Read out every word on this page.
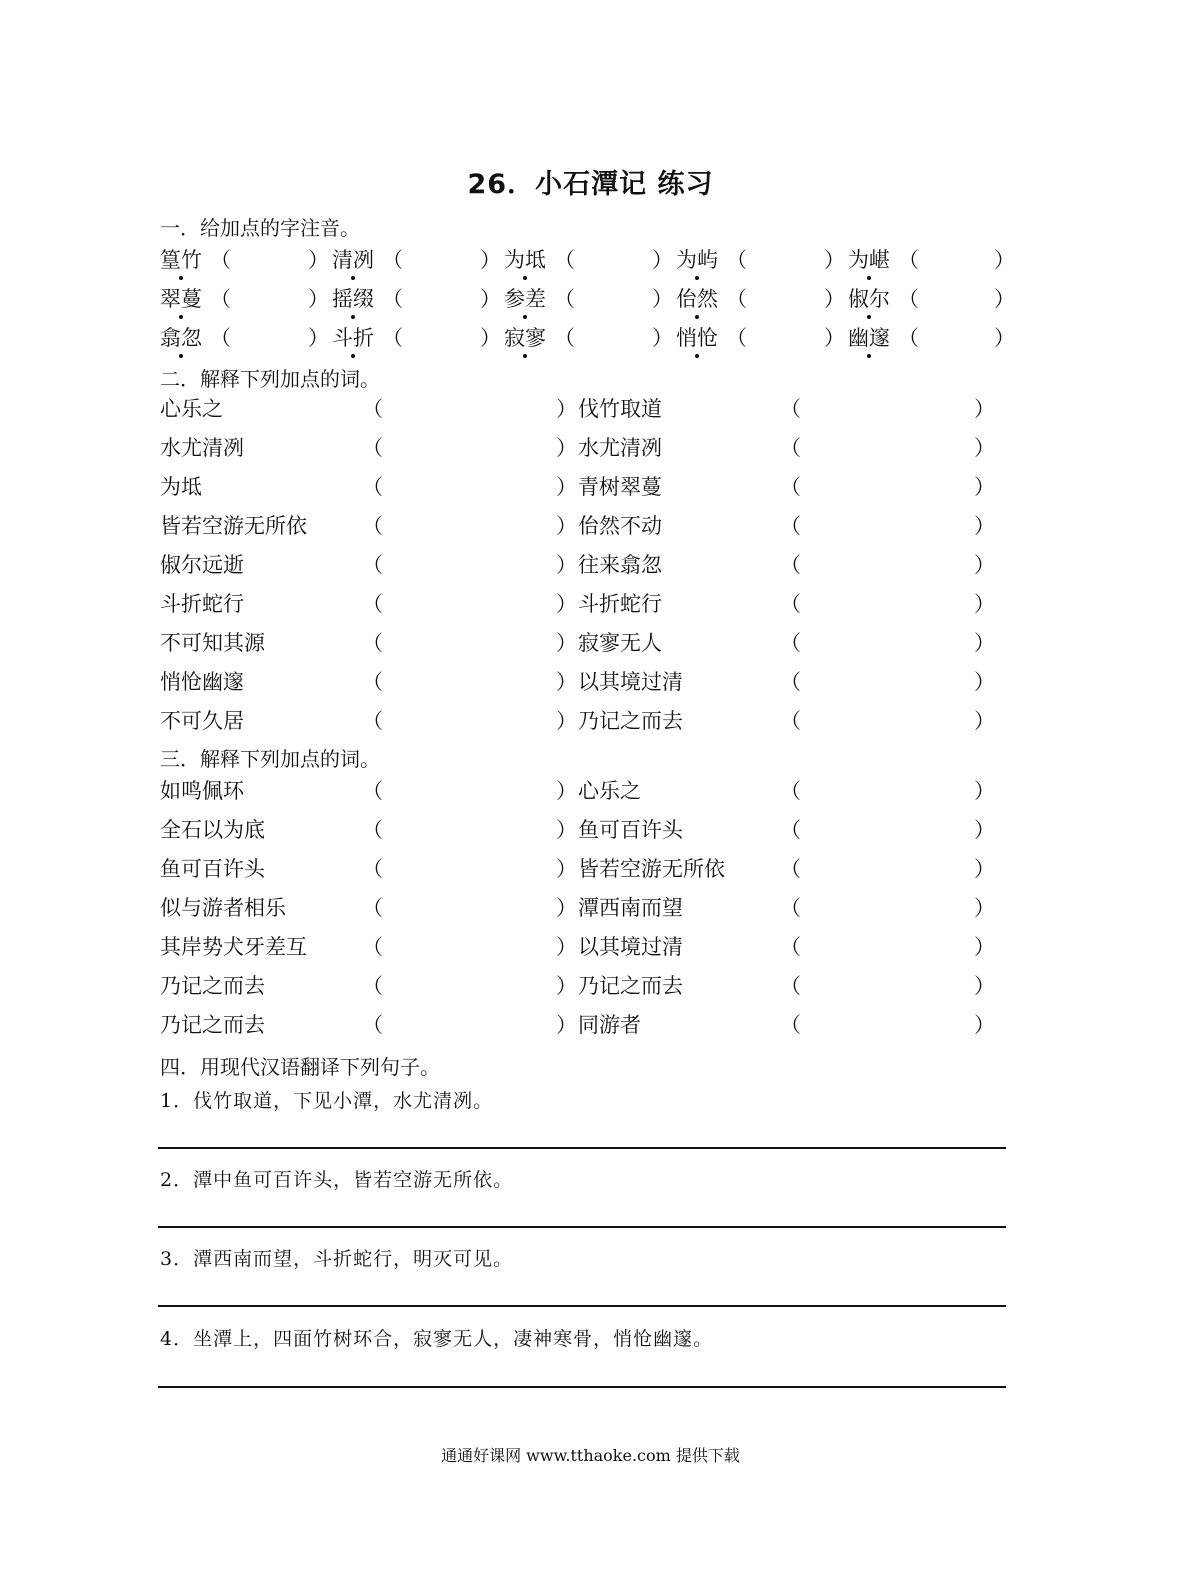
26．小石潭记 练习
一．给加点的字注音。
篁竹 （	） 清冽 （	） 为坻 （	） 为屿 （	） 为嵁 （	）
翠蔓 （	） 摇缀 （	） 参差 （	） 佁然 （	） 俶尔 （	）
翕忽 （	） 斗折 （	） 寂寥 （	） 悄怆 （	） 幽邃 （	）
二．解释下列加点的词。
心乐之	（	） 伐竹取道	（	）
水尤清冽	（	） 水尤清冽	（	）
为坻	（	） 青树翠蔓	（	）
皆若空游无所依	（	） 佁然不动	（	）
俶尔远逝	（	） 往来翕忽	（	）
斗折蛇行	（	） 斗折蛇行	（	）
不可知其源	（	） 寂寥无人	（	）
悄怆幽邃	（	） 以其境过清	（	）
不可久居	（	） 乃记之而去	（	）
三．解释下列加点的词。
如鸣佩环	（	） 心乐之	（	）
全石以为底	（	） 鱼可百许头	（	）
鱼可百许头	（	） 皆若空游无所依	（	）
似与游者相乐	（	） 潭西南而望	（	）
其岸势犬牙差互	（	） 以其境过清	（	）
乃记之而去	（	） 乃记之而去	（	）
乃记之而去	（	） 同游者	（	）
四．用现代汉语翻译下列句子。
1．伐竹取道，下见小潭，水尤清冽。
2．潭中鱼可百许头，皆若空游无所依。
3．潭西南而望，斗折蛇行，明灭可见。
4．坐潭上，四面竹树环合，寂寥无人，凄神寒骨，悄怆幽邃。
通通好课网 www.tthaoke.com 提供下载
